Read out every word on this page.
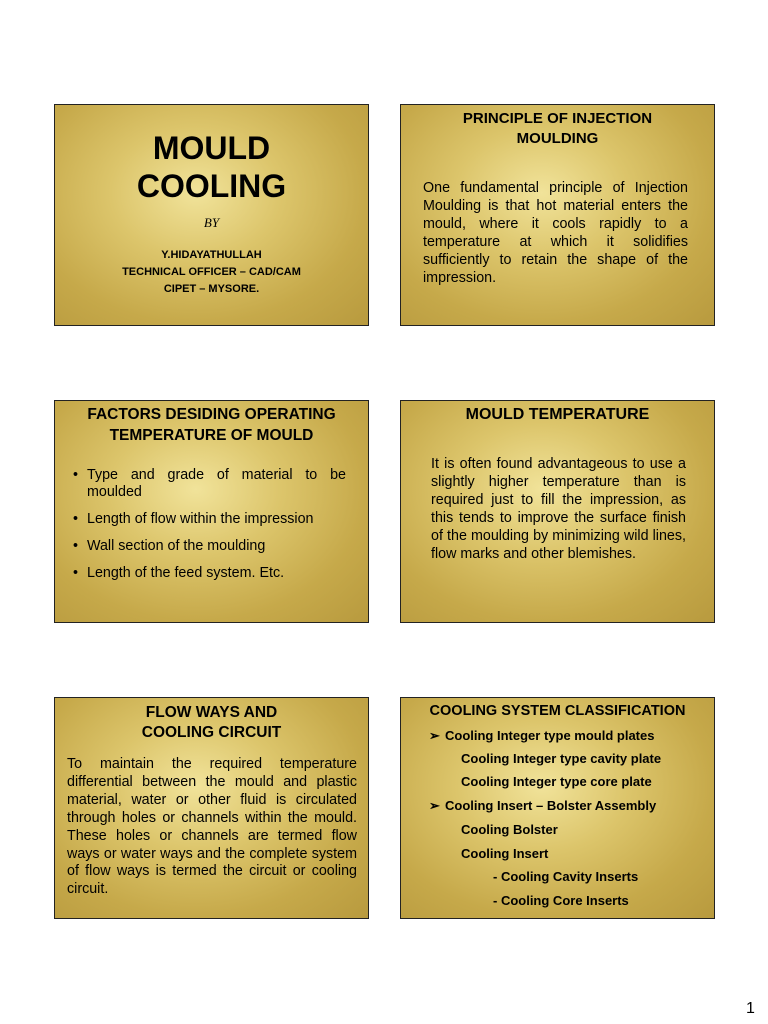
MOULD
COOLING
BY
Y.HIDAYATHULLAH
TECHNICAL OFFICER – CAD/CAM
CIPET – MYSORE.
PRINCIPLE OF INJECTION
MOULDING
One fundamental principle of Injection Moulding is that hot material enters the mould, where it cools rapidly to a temperature at which it solidifies sufficiently to retain the shape of the impression.
FACTORS DESIDING OPERATING
TEMPERATURE OF MOULD
• Type and grade of material to be moulded
• Length of flow within the impression
• Wall section of the moulding
• Length of the feed system. Etc.
MOULD TEMPERATURE
It is often found advantageous to use a slightly higher temperature than is required just to fill the impression, as this tends to improve the surface finish of the moulding by minimizing wild lines, flow marks and other blemishes.
FLOW WAYS AND
COOLING CIRCUIT
To maintain the required temperature differential between the mould and plastic material, water or other fluid is circulated through holes or channels within the mould. These holes or channels are termed flow ways or water ways and the complete system of flow ways is termed the circuit or cooling circuit.
COOLING SYSTEM CLASSIFICATION
➢ Cooling Integer type mould plates
Cooling Integer type cavity plate
Cooling Integer type core plate
➢ Cooling Insert – Bolster Assembly
Cooling Bolster
Cooling Insert
- Cooling Cavity Inserts
- Cooling Core Inserts
1
